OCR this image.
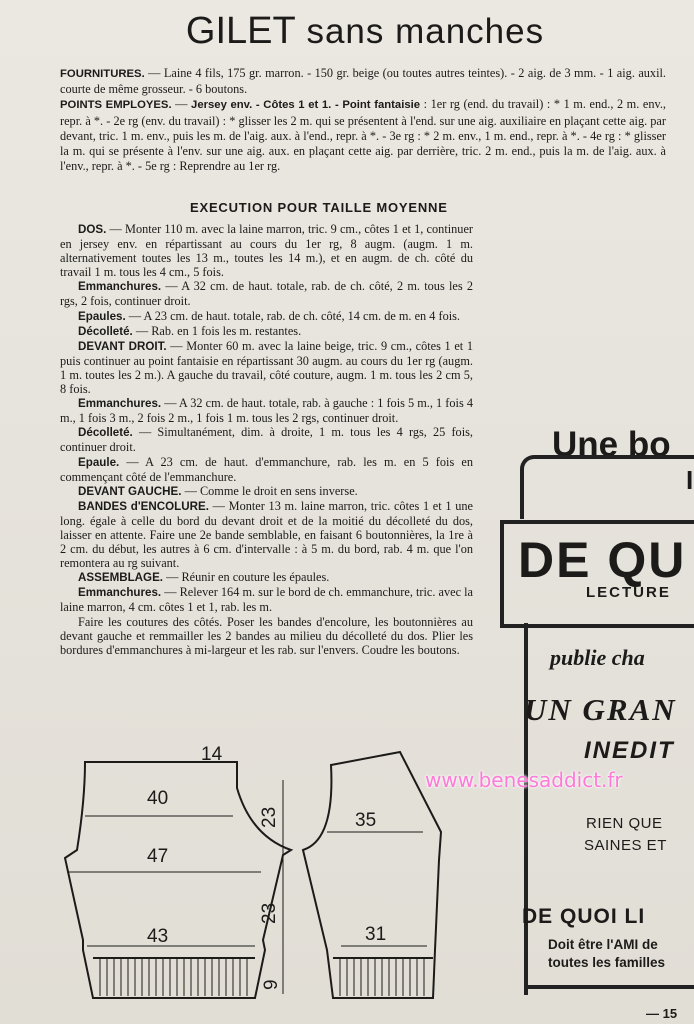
GILET sans manches

FOURNITURES. — Laine 4 fils, 175 gr. marron. - 150 gr. beige (ou toutes autres teintes). - 2 aig. de 3 mm. - 1 aig. auxil. courte de même grosseur. - 6 boutons.
POINTS EMPLOYES. — Jersey env. - Côtes 1 et 1. - Point fantaisie : 1er rg (end. du travail) : * 1 m. end., 2 m. env., repr. à *. - 2e rg (env. du travail) : * glisser les 2 m. qui se présentent à l'end. sur une aig. auxiliaire en plaçant cette aig. par devant, tric. 1 m. env., puis les m. de l'aig. aux. à l'end., repr. à *. - 3e rg : * 2 m. env., 1 m. end., repr. à *. - 4e rg : * glisser la m. qui se présente à l'env. sur une aig. aux. en plaçant cette aig. par derrière, tric. 2 m. end., puis la m. de l'aig. aux. à l'env., repr. à *. - 5e rg : Reprendre au 1er rg.

EXECUTION POUR TAILLE MOYENNE

DOS. — Monter 110 m. avec la laine marron, tric. 9 cm., côtes 1 et 1, continuer en jersey env. en répartissant au cours du 1er rg, 8 augm. (augm. 1 m. alternativement toutes les 13 m., toutes les 14 m.), et en augm. de ch. côté du travail 1 m. tous les 4 cm., 5 fois.

Emmanchures. — A 32 cm. de haut. totale, rab. de ch. côté, 2 m. tous les 2 rgs, 2 fois, continuer droit.

Epaules. — A 23 cm. de haut. totale, rab. de ch. côté, 14 cm. de m. en 4 fois.

Décolleté. — Rab. en 1 fois les m. restantes.

DEVANT DROIT. — Monter 60 m. avec la laine beige, tric. 9 cm., côtes 1 et 1 puis continuer au point fantaisie en répartissant 30 augm. au cours du 1er rg (augm. 1 m. toutes les 2 m.). A gauche du travail, côté couture, augm. 1 m. tous les 2 cm 5, 8 fois.

Emmanchures. — A 32 cm. de haut. totale, rab. à gauche : 1 fois 5 m., 1 fois 4 m., 1 fois 3 m., 2 fois 2 m., 1 fois 1 m. tous les 2 rgs, continuer droit.

Décolleté. — Simultanément, dim. à droite, 1 m. tous les 4 rgs, 25 fois, continuer droit.

Epaule. — A 23 cm. de haut. d'emmanchure, rab. les m. en 5 fois en commençant côté de l'emmanchure.

DEVANT GAUCHE. — Comme le droit en sens inverse.

BANDES d'ENCOLURE. — Monter 13 m. laine marron, tric. côtes 1 et 1 une long. égale à celle du bord du devant droit et de la moitié du décolleté du dos, laisser en attente. Faire une 2e bande semblable, en faisant 6 boutonnières, la 1re à 2 cm. du début, les autres à 6 cm. d'intervalle : à 5 m. du bord, rab. 4 m. que l'on remontera au rg suivant.

ASSEMBLAGE. — Réunir en couture les épaules.

Emmanchures. — Relever 164 m. sur le bord de ch. emmanchure, tric. avec la laine marron, 4 cm. côtes 1 et 1, rab. les m.

Faire les coutures des côtés. Poser les bandes d'encolure, les boutonnières au devant gauche et remmailler les 2 bandes au milieu du décolleté du dos. Plier les bordures d'emmanchures à mi-largeur et les rab. sur l'envers. Coudre les boutons.

14
40
47
43
23
23
9
35
31
Une bo
I
DE QU
LECTURE
publie cha
UN GRAN
INEDIT
RIEN QUE
SAINES ET
DE QUOI LI
Doit être l'AMI de
toutes les familles
www.benesaddict.fr
— 15
